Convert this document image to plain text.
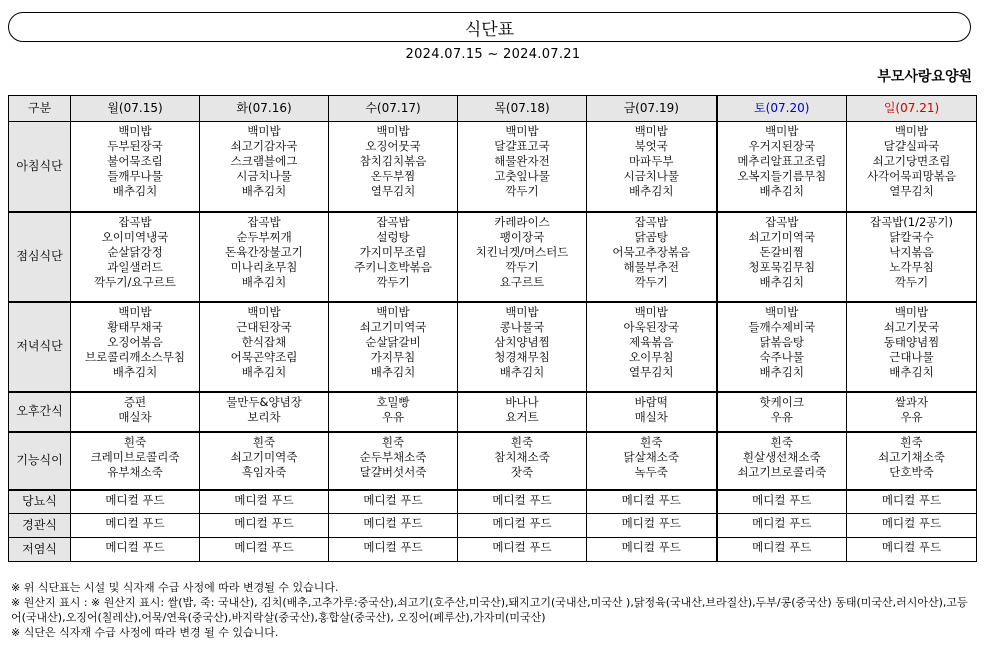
식단표
2024.07.15 ~ 2024.07.21
부모사랑요양원
구분	월(07.15)	화(07.16)	수(07.17)	목(07.18)	금(07.19)	토(07.20)	일(07.21)
아침식단	백미밥
두부된장국
불어묵조림
들깨무나물
배추김치	백미밥
쇠고기감자국
스크램블에그
시금치나물
배추김치	백미밥
오징어뭇국
참치김치볶음
온두부찜
열무김치	백미밥
달걀표고국
해물완자전
고춧잎나물
깍두기	백미밥
북엇국
마파두부
시금치나물
배추김치	백미밥
우거지된장국
메추리알표고조림
오복지들기름무침
배추김치	백미밥
달걀실파국
쇠고기당면조림
사각어묵피망볶음
열무김치

점심식단	잡곡밥
오이미역냉국
순살닭강정
과일샐러드
깍두기/요구르트	잡곡밥
순두부찌개
돈육간장불고기
미나리초무침
배추김치	잡곡밥
설렁탕
가지미무조림
주키니호박볶음
깍두기	카레라이스
팽이장국
치킨너겟/머스터드
깍두기
요구르트	잡곡밥
닭곰탕
어묵고추장볶음
해물부추전
깍두기	잡곡밥
쇠고기미역국
돈갈비찜
청포묵김무침
배추김치	잡곡밥(1/2공기)
닭칼국수
낙지볶음
노각무침
깍두기

저녁식단	백미밥
황태무채국
오징어볶음
브로콜리깨소스무침
배추김치	백미밥
근대된장국
한식잡채
어묵곤약조림
배추김치	백미밥
쇠고기미역국
순살닭갈비
가지무침
배추김치	백미밥
콩나물국
삼치양념찜
청경채무침
배추김치	백미밥
아욱된장국
제육볶음
오이무침
열무김치	백미밥
들깨수제비국
닭볶음탕
숙주나물
배추김치	백미밥
쇠고기뭇국
동태양념찜
근대나물
배추김치

오후간식	증편
매실차	물만두&양념장
보리차	호밀빵
우유	바나나
요거트	바람떡
매실차	핫케이크
우유	쌀과자
우유

기능식이	흰죽
크레미브로콜리죽
유부채소죽	흰죽
쇠고기미역죽
흑임자죽	흰죽
순두부채소죽
달걀버섯서죽	흰죽
참치채소죽
잣죽	흰죽
닭살채소죽
녹두죽	흰죽
흰살생선채소죽
쇠고기브로콜리죽	흰죽
쇠고기채소죽
단호박죽

당뇨식	메디컬 푸드	메디컬 푸드	메디컬 푸드	메디컬 푸드	메디컬 푸드	메디컬 푸드	메디컬 푸드

경관식	메디컬 푸드	메디컬 푸드	메디컬 푸드	메디컬 푸드	메디컬 푸드	메디컬 푸드	메디컬 푸드

저염식	메디컬 푸드	메디컬 푸드	메디컬 푸드	메디컬 푸드	메디컬 푸드	메디컬 푸드	메디컬 푸드
※ 위 식단표는 시설 및 식자재 수급 사정에 따라 변경될 수 있습니다.
※ 원산지 표시 : ※ 원산지 표시: 쌀(밥, 죽: 국내산), 김치(배추,고추가루:중국산),쇠고기(호주산,미국산),돼지고기(국내산,미국산 ),닭정육(국내산,브라질산),두부/콩(중국산) 동태(미국산,러시아산),고등어(국내산),오징어(칠레산),어묵/연육(중국산),바지락살(중국산),홍합살(중국산), 오징어(페루산),가자미(미국산)
※ 식단은 식자재 수급 사정에 따라 변경 될 수 있습니다.
